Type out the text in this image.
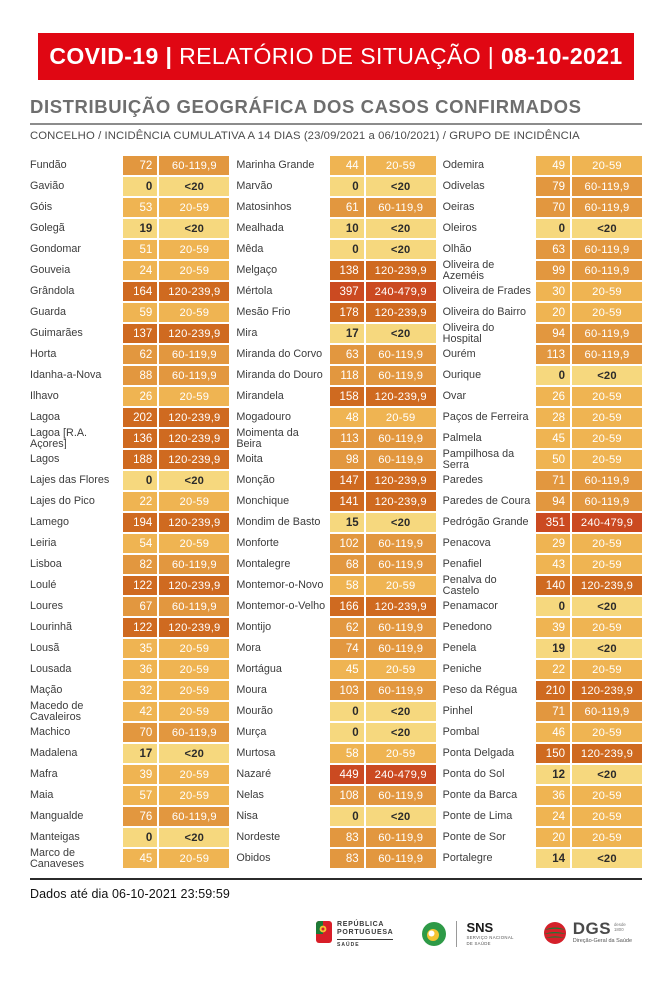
COVID-19 | RELATÓRIO DE SITUAÇÃO | 08-10-2021
DISTRIBUIÇÃO GEOGRÁFICA DOS CASOS CONFIRMADOS
CONCELHO / INCIDÊNCIA CUMULATIVA A 14 DIAS (23/09/2021 a 06/10/2021) / GRUPO DE INCIDÊNCIA
Fundão	72	60-119,9
Gavião	0	<20
Góis	53	20-59
Golegã	19	<20
Gondomar	51	20-59
Gouveia	24	20-59
Grândola	164	120-239,9
Guarda	59	20-59
Guimarães	137	120-239,9
Horta	62	60-119,9
Idanha-a-Nova	88	60-119,9
Ílhavo	26	20-59
Lagoa	202	120-239,9
Lagoa [R.A. Açores]	136	120-239,9
Lagos	188	120-239,9
Lajes das Flores	0	<20
Lajes do Pico	22	20-59
Lamego	194	120-239,9
Leiria	54	20-59
Lisboa	82	60-119,9
Loulé	122	120-239,9
Loures	67	60-119,9
Lourinhã	122	120-239,9
Lousã	35	20-59
Lousada	36	20-59
Mação	32	20-59
Macedo de Cavaleiros	42	20-59
Machico	70	60-119,9
Madalena	17	<20
Mafra	39	20-59
Maia	57	20-59
Mangualde	76	60-119,9
Manteigas	0	<20
Marco de Canaveses	45	20-59
Marinha Grande	44	20-59
Marvão	0	<20
Matosinhos	61	60-119,9
Mealhada	10	<20
Mêda	0	<20
Melgaço	138	120-239,9
Mértola	397	240-479,9
Mesão Frio	178	120-239,9
Mira	17	<20
Miranda do Corvo	63	60-119,9
Miranda do Douro	118	60-119,9
Mirandela	158	120-239,9
Mogadouro	48	20-59
Moimenta da Beira	113	60-119,9
Moita	98	60-119,9
Monção	147	120-239,9
Monchique	141	120-239,9
Mondim de Basto	15	<20
Monforte	102	60-119,9
Montalegre	68	60-119,9
Montemor-o-Novo	58	20-59
Montemor-o-Velho	166	120-239,9
Montijo	62	60-119,9
Mora	74	60-119,9
Mortágua	45	20-59
Moura	103	60-119,9
Mourão	0	<20
Murça	0	<20
Murtosa	58	20-59
Nazaré	449	240-479,9
Nelas	108	60-119,9
Nisa	0	<20
Nordeste	83	60-119,9
Óbidos	83	60-119,9
Odemira	49	20-59
Odivelas	79	60-119,9
Oeiras	70	60-119,9
Oleiros	0	<20
Olhão	63	60-119,9
Oliveira de Azeméis	99	60-119,9
Oliveira de Frades	30	20-59
Oliveira do Bairro	20	20-59
Oliveira do Hospital	94	60-119,9
Ourém	113	60-119,9
Ourique	0	<20
Ovar	26	20-59
Paços de Ferreira	28	20-59
Palmela	45	20-59
Pampilhosa da Serra	50	20-59
Paredes	71	60-119,9
Paredes de Coura	94	60-119,9
Pedrógão Grande	351	240-479,9
Penacova	29	20-59
Penafiel	43	20-59
Penalva do Castelo	140	120-239,9
Penamacor	0	<20
Penedono	39	20-59
Penela	19	<20
Peniche	22	20-59
Peso da Régua	210	120-239,9
Pinhel	71	60-119,9
Pombal	46	20-59
Ponta Delgada	150	120-239,9
Ponta do Sol	12	<20
Ponte da Barca	36	20-59
Ponte de Lima	24	20-59
Ponte de Sor	20	20-59
Portalegre	14	<20
Dados até dia 06-10-2021 23:59:59
REPÚBLICA
PORTUGUESA
SAÚDE
SNS
SERVIÇO NACIONAL
DE SAÚDE
DGS desde
1800
Direção-Geral da Saúde
